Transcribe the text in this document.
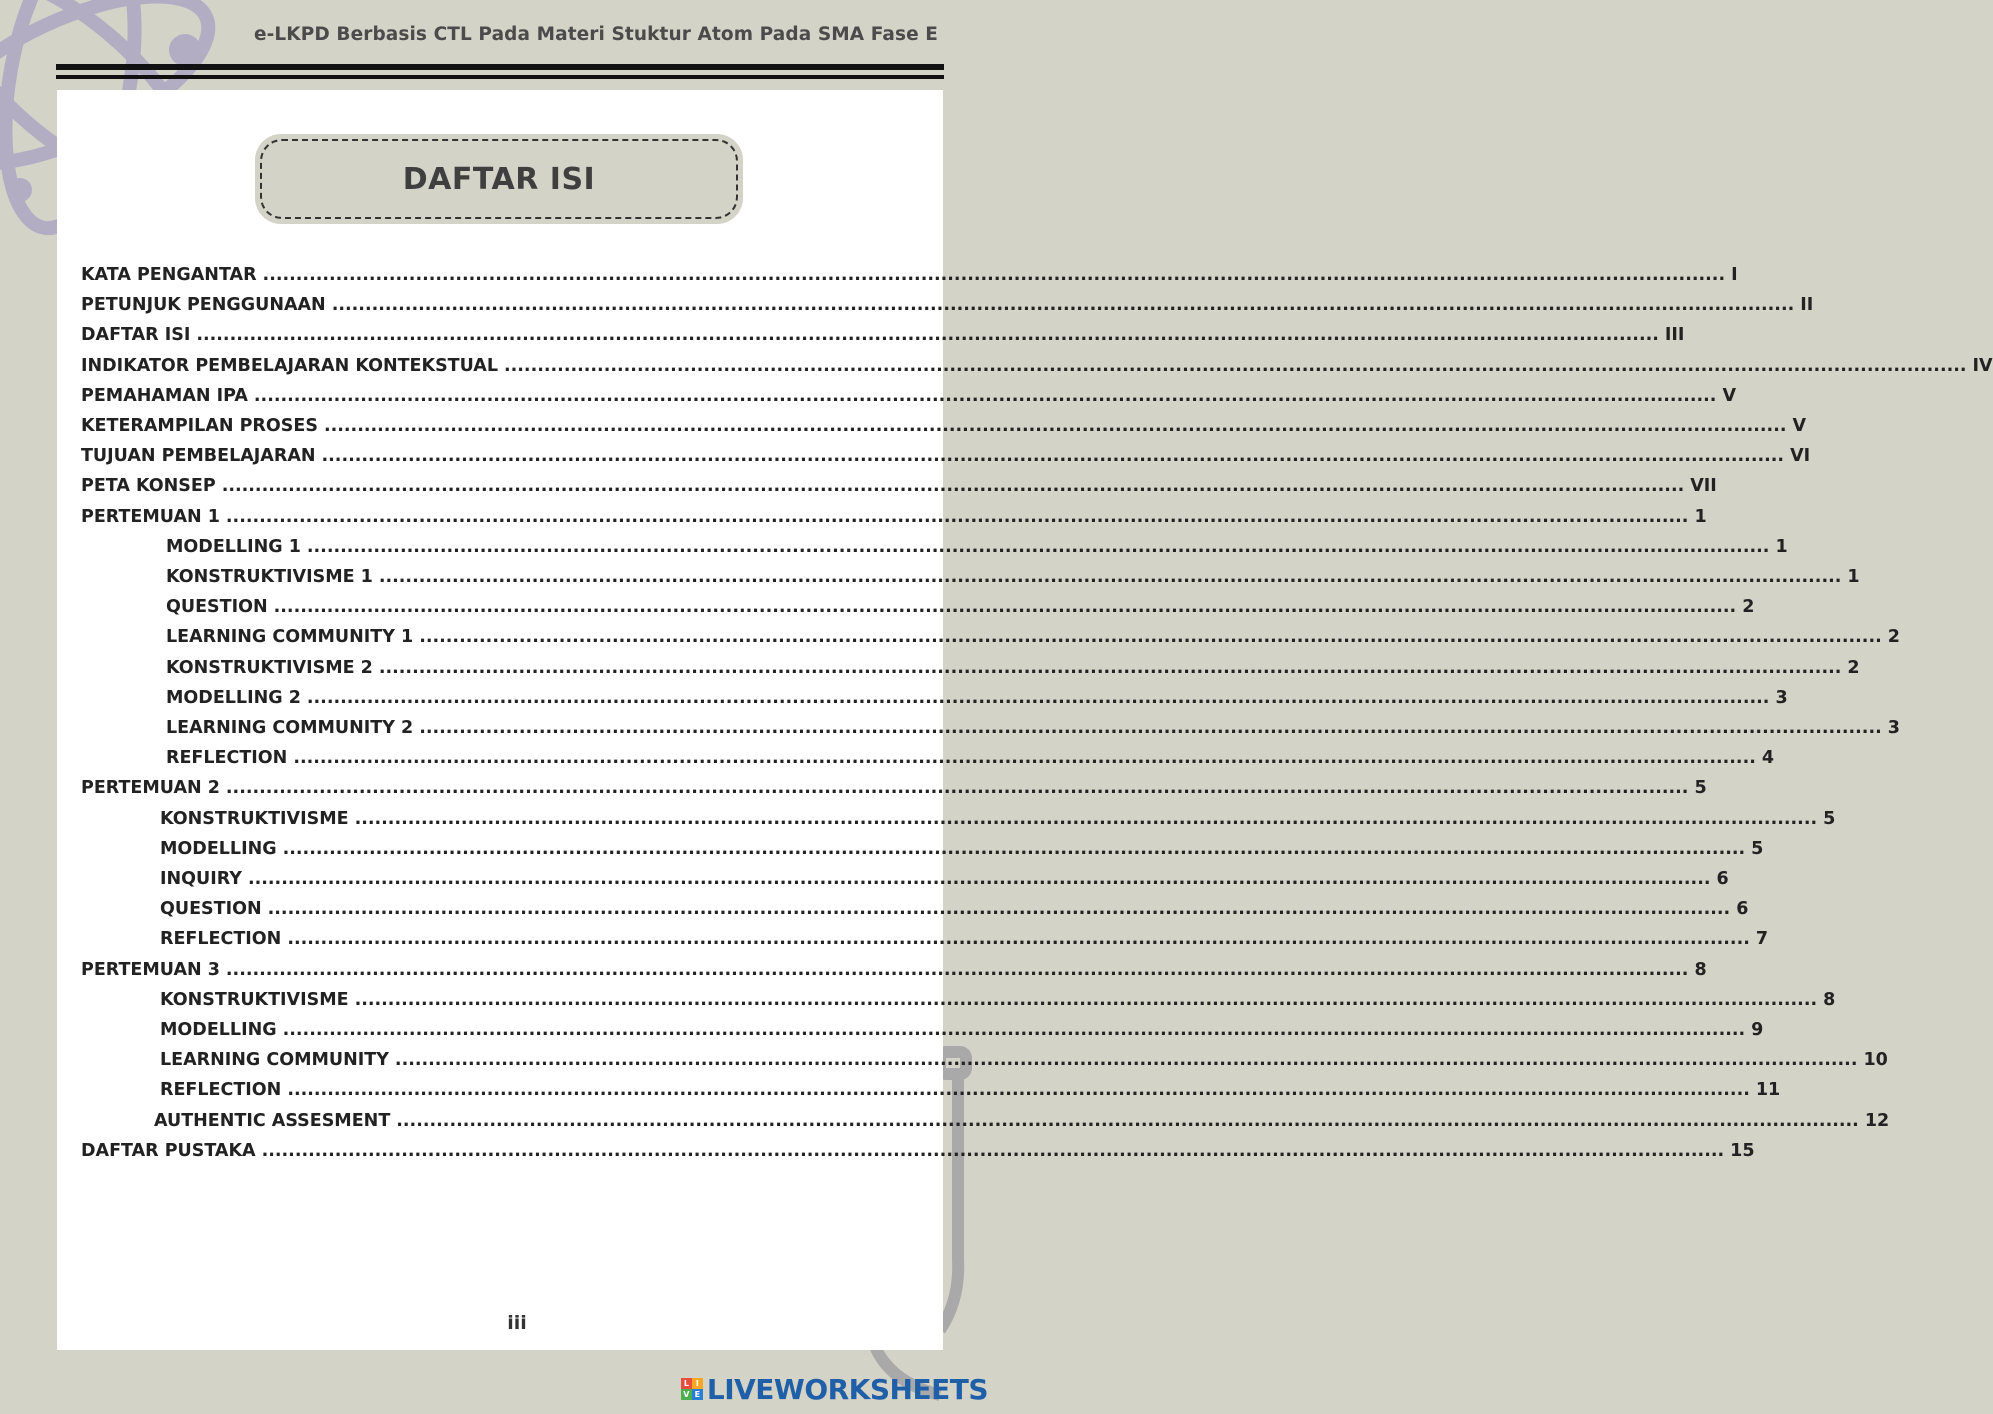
e-LKPD Berbasis CTL Pada Materi Stuktur Atom Pada SMA Fase E
DAFTAR ISI
KATA PENGANTAR ............................................................................................................................................................................................................................ I
PETUNJUK PENGGUNAAN ............................................................................................................................................................................................................................ II
DAFTAR ISI ............................................................................................................................................................................................................................ III
INDIKATOR PEMBELAJARAN KONTEKSTUAL ............................................................................................................................................................................................................................ IV
PEMAHAMAN IPA ............................................................................................................................................................................................................................ V
KETERAMPILAN PROSES ............................................................................................................................................................................................................................ V
TUJUAN PEMBELAJARAN ............................................................................................................................................................................................................................ VI
PETA KONSEP ............................................................................................................................................................................................................................ VII
PERTEMUAN 1 ............................................................................................................................................................................................................................ 1
MODELLING 1 ............................................................................................................................................................................................................................ 1
KONSTRUKTIVISME 1 ............................................................................................................................................................................................................................ 1
QUESTION ............................................................................................................................................................................................................................ 2
LEARNING COMMUNITY 1 ............................................................................................................................................................................................................................ 2
KONSTRUKTIVISME 2 ............................................................................................................................................................................................................................ 2
MODELLING 2 ............................................................................................................................................................................................................................ 3
LEARNING COMMUNITY 2 ............................................................................................................................................................................................................................ 3
REFLECTION ............................................................................................................................................................................................................................ 4
PERTEMUAN 2 ............................................................................................................................................................................................................................ 5
KONSTRUKTIVISME ............................................................................................................................................................................................................................ 5
MODELLING ............................................................................................................................................................................................................................ 5
INQUIRY ............................................................................................................................................................................................................................ 6
QUESTION ............................................................................................................................................................................................................................ 6
REFLECTION ............................................................................................................................................................................................................................ 7
PERTEMUAN 3 ............................................................................................................................................................................................................................ 8
KONSTRUKTIVISME ............................................................................................................................................................................................................................ 8
MODELLING ............................................................................................................................................................................................................................ 9
LEARNING COMMUNITY ............................................................................................................................................................................................................................ 10
REFLECTION ............................................................................................................................................................................................................................ 11
AUTHENTIC ASSESMENT ............................................................................................................................................................................................................................ 12
DAFTAR PUSTAKA ............................................................................................................................................................................................................................ 15
iii
L I
V E LIVEWORKSHEETS
